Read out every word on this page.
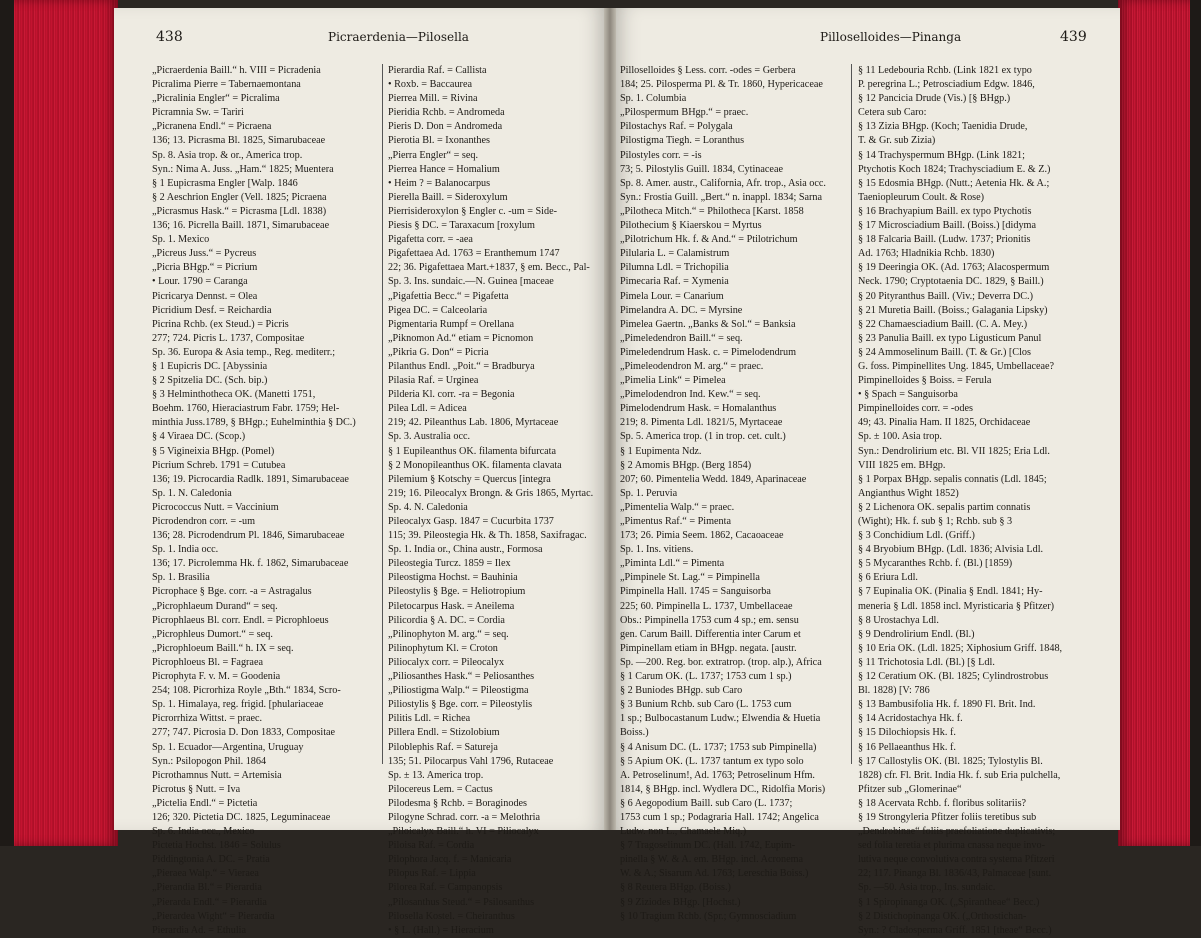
438	Picraerdenia—Pilosella	Pilloselloides—Pinanga	439
„Picraerdenia Baill.“ h. VIII = Picradenia
Picralima Pierre = Tabernaemontana
„Picralinia Engler“ = Picralima
Picramnia Sw. = Tariri
„Picranena Endl.“ = Picraena
136; 13. Picrasma Bl. 1825, Simarubaceae
Sp. 8. Asia trop. & or., America trop.
Syn.: Nima A. Juss. „Ham.“ 1825; Muentera
§ 1 Eupicrasma Engler [Walp. 1846
§ 2 Aeschrion Engler (Vell. 1825; Picraena
„Picrasmus Hask.“ = Picrasma [Ldl. 1838)
136; 16. Picrella Baill. 1871, Simarubaceae
Sp. 1. Mexico
„Picreus Juss.“ = Pycreus
„Picria BHgp.“ = Picrium
• Lour. 1790 = Caranga
Picricarya Dennst. = Olea
Picridium Desf. = Reichardia
Picrina Rchb. (ex Steud.) = Picris
277; 724. Picris L. 1737, Compositae
Sp. 36. Europa & Asia temp., Reg. mediterr.;
§ 1 Eupicris DC. [Abyssinia
§ 2 Spitzelia DC. (Sch. bip.)
§ 3 Helminthotheca OK. (Manetti 1751,
Boehm. 1760, Hieraciastrum Fabr. 1759; Hel-
minthia Juss.1789, § BHgp.; Euhelminthia § DC.)
§ 4 Viraea DC. (Scop.)
§ 5 Vigineixia BHgp. (Pomel)
Picrium Schreb. 1791 = Cutubea
136; 19. Picrocardia Radlk. 1891, Simarubaceae
Sp. 1. N. Caledonia
Picrococcus Nutt. = Vaccinium
Picrodendron corr. = -um
136; 28. Picrodendrum Pl. 1846, Simarubaceae
Sp. 1. India occ.
136; 17. Picrolemma Hk. f. 1862, Simarubaceae
Sp. 1. Brasilia
Picrophace § Bge. corr. -a = Astragalus
„Picrophlaeum Durand“ = seq.
Picrophlaeus Bl. corr. Endl. = Picrophloeus
„Picrophleus Dumort.“ = seq.
„Picrophloeum Baill.“ h. IX = seq.
Picrophloeus Bl. = Fagraea
Picrophyta F. v. M. = Goodenia
254; 108. Picrorhiza Royle „Bth.“ 1834, Scro-
Sp. 1. Himalaya, reg. frigid. [phulariaceae
Picrorrhiza Wittst. = praec.
277; 747. Picrosia D. Don 1833, Compositae
Sp. 1. Ecuador—Argentina, Uruguay
Syn.: Psilopogon Phil. 1864
Picrothamnus Nutt. = Artemisia
Picrotus § Nutt. = Iva
„Pictelia Endl.“ = Pictetia
126; 320. Pictetia DC. 1825, Leguminaceae
Sp. 6. India occ., Mexico
Pictetia Hochst. 1846 = Solulus
Piddingtonia A. DC. = Pratia
„Pieraea Walp.“ = Vieraea
„Pierandia Bl.“ = Pierardia
„Pierarda Endl.“ = Pierardia
„Pierardea Wight“ = Pierardia
Pierardia Ad. = Ethulia
Pierardia Raf. = Callista
• Roxb. = Baccaurea
Pierrea Mill. = Rivina
Pieridia Rchb. = Andromeda
Pieris D. Don = Andromeda
Pierotia Bl. = Ixonanthes
„Pierra Engler“ = seq.
Pierrea Hance = Homalium
• Heim ? = Balanocarpus
Pierella Baill. = Sideroxylum
Pierrisideroxylon § Engler c. -um = Side-
Piesis § DC. = Taraxacum [roxylum
Pigafetta corr. = -aea
Pigafettaea Ad. 1763 = Eranthemum 1747
22; 36. Pigafettaea Mart.+1837, § em. Becc., Pal-
Sp. 3. Ins. sundaic.—N. Guinea [maceae
„Pigafettia Becc.“ = Pigafetta
Pigea DC. = Calceolaria
Pigmentaria Rumpf = Orellana
„Piknomon Ad.“ etiam = Picnomon
„Pikria G. Don“ = Picria
Pilanthus Endl. „Poit.“ = Bradburya
Pilasia Raf. = Urginea
Pilderia Kl. corr. -ra = Begonia
Pilea Ldl. = Adicea
219; 42. Pileanthus Lab. 1806, Myrtaceae
Sp. 3. Australia occ.
§ 1 Eupileanthus OK. filamenta bifurcata
§ 2 Monopileanthus OK. filamenta clavata
Pilemium § Kotschy = Quercus [integra
219; 16. Pileocalyx Brongn. & Gris 1865, Myrtac.
Sp. 4. N. Caledonia
Pileocalyx Gasp. 1847 = Cucurbita 1737
115; 39. Pileostegia Hk. & Th. 1858, Saxifragac.
Sp. 1. India or., China austr., Formosa
Pileostegia Turcz. 1859 = Ilex
Pileostigma Hochst. = Bauhinia
Pileostylis § Bge. = Heliotropium
Piletocarpus Hask. = Aneilema
Pilicordia § A. DC. = Cordia
„Pilinophyton M. arg.“ = seq.
Pilinophytum Kl. = Croton
Piliocalyx corr. = Pileocalyx
„Piliosanthes Hask.“ = Peliosanthes
„Piliostigma Walp.“ = Pileostigma
Piliostylis § Bge. corr. = Pileostylis
Pilitis Ldl. = Richea
Pillera Endl. = Stizolobium
Piloblephis Raf. = Satureja
135; 51. Pilocarpus Vahl 1796, Rutaceae
Sp. ± 13. America trop.
Pilocereus Lem. = Cactus
Pilodesma § Rchb. = Boraginodes
Pilogyne Schrad. corr. -a = Melothria
„Piloicalyx Baill.“ h. VI = Piliocalyx
Piloisa Raf. = Cordia
Pilophora Jacq. f. = Manicaria
Pilopus Raf. = Lippia
Pilorea Raf. = Campanopsis
„Pilosanthus Steud.“ = Psilosanthus
Pilosella Kostel. = Cheiranthus
• § L. (Hall.) = Hieracium
Pilloselloides § Less. corr. -odes = Gerbera
184; 25. Pilosperma Pl. & Tr. 1860, Hypericaceae
Sp. 1. Columbia
„Pilospermum BHgp.“ = praec.
Pilostachys Raf. = Polygala
Pilostigma Tiegh. = Loranthus
Pilostyles corr. = -is
73; 5. Pilostylis Guill. 1834, Cytinaceae
Sp. 8. Amer. austr., California, Afr. trop., Asia occ.
Syn.: Frostia Guill. „Bert.“ n. inappl. 1834; Sarna
„Pilotheca Mitch.“ = Philotheca [Karst. 1858
Pilothecium § Kiaerskou = Myrtus
„Pilotrichum Hk. f. & And.“ = Ptilotrichum
Pilularia L. = Calamistrum
Pilumna Ldl. = Trichopilia
Pimecaria Raf. = Xymenia
Pimela Lour. = Canarium
Pimelandra A. DC. = Myrsine
Pimelea Gaertn. „Banks & Sol.“ = Banksia
„Pimeledendron Baill.“ = seq.
Pimeledendrum Hask. c. = Pimelodendrum
„Pimeleodendron M. arg.“ = praec.
„Pimelia Link“ = Pimelea
„Pimelodendron Ind. Kew.“ = seq.
Pimelodendrum Hask. = Homalanthus
219; 8. Pimenta Ldl. 1821/5, Myrtaceae
Sp. 5. America trop. (1 in trop. cet. cult.)
§ 1 Eupimenta Ndz.
§ 2 Amomis BHgp. (Berg 1854)
207; 60. Pimentelia Wedd. 1849, Aparinaceae
Sp. 1. Peruvia
„Pimentelia Walp.“ = praec.
„Pimentus Raf.“ = Pimenta
173; 26. Pimia Seem. 1862, Cacaoaceae
Sp. 1. Ins. vitiens.
„Piminta Ldl.“ = Pimenta
„Pimpinele St. Lag.“ = Pimpinella
Pimpinella Hall. 1745 = Sanguisorba
225; 60. Pimpinella L. 1737, Umbellaceae
Obs.: Pimpinella 1753 cum 4 sp.; em. sensu
gen. Carum Baill. Differentia inter Carum et
Pimpinellam etiam in BHgp. negata. [austr.
Sp. —200. Reg. bor. extratrop. (trop. alp.), Africa
§ 1 Carum OK. (L. 1737; 1753 cum 1 sp.)
§ 2 Buniodes BHgp. sub Caro
§ 3 Bunium Rchb. sub Caro (L. 1753 cum
1 sp.; Bulbocastanum Ludw.; Elwendia & Huetia
Boiss.)
§ 4 Anisum DC. (L. 1737; 1753 sub Pimpinella)
§ 5 Apium OK. (L. 1737 tantum ex typo solo
A. Petroselinum!, Ad. 1763; Petroselinum Hfm.
1814, § BHgp. incl. Wydlera DC., Ridolfia Moris)
§ 6 Aegopodium Baill. sub Caro (L. 1737;
1753 cum 1 sp.; Podagraria Hall. 1742; Angelica
Ludw. non L., Chamaele Miq.)
§ 7 Tragoselinum DC. (Hall. 1742, Eupim-
pinella § W. & A. em. BHgp. incl. Acronema
W. & A.; Sisarum Ad. 1763; Lereschia Boiss.)
§ 8 Reutera BHgp. (Boiss.)
§ 9 Ziziodes BHgp. [Hochst.)
§ 10 Tragium Rchb. (Spr.; Gymnosciadium
§ 11 Ledebouria Rchb. (Link 1821 ex typo
P. peregrina L.; Petrosciadium Edgw. 1846,
§ 12 Pancicia Drude (Vis.) [§ BHgp.)
Cetera sub Caro:
§ 13 Zizia BHgp. (Koch; Taenidia Drude,
T. & Gr. sub Zizia)
§ 14 Trachyspermum BHgp. (Link 1821;
Ptychotis Koch 1824; Trachysciadium E. & Z.)
§ 15 Edosmia BHgp. (Nutt.; Aetenia Hk. & A.;
Taeniopleurum Coult. & Rose)
§ 16 Brachyapium Baill. ex typo Ptychotis
§ 17 Microsciadium Baill. (Boiss.) [didyma
§ 18 Falcaria Baill. (Ludw. 1737; Prionitis
Ad. 1763; Hladnikia Rchb. 1830)
§ 19 Deeringia OK. (Ad. 1763; Alacospermum
Neck. 1790; Cryptotaenia DC. 1829, § Baill.)
§ 20 Pityranthus Baill. (Viv.; Deverra DC.)
§ 21 Muretia Baill. (Boiss.; Galagania Lipsky)
§ 22 Chamaesciadium Baill. (C. A. Mey.)
§ 23 Panulia Baill. ex typo Ligusticum Panul
§ 24 Ammoselinum Baill. (T. & Gr.) [Clos
G. foss. Pimpinellites Ung. 1845, Umbellaceae?
Pimpinelloides § Boiss. = Ferula
• § Spach = Sanguisorba
Pimpinelloides corr. = -odes
49; 43. Pinalia Ham. II 1825, Orchidaceae
Sp. ± 100. Asia trop.
Syn.: Dendrolirium etc. Bl. VII 1825; Eria Ldl.
VIII 1825 em. BHgp.
§ 1 Porpax BHgp. sepalis connatis (Ldl. 1845;
Angianthus Wight 1852)
§ 2 Lichenora OK. sepalis partim connatis
(Wight); Hk. f. sub § 1; Rchb. sub § 3
§ 3 Conchidium Ldl. (Griff.)
§ 4 Bryobium BHgp. (Ldl. 1836; Alvisia Ldl.
§ 5 Mycaranthes Rchb. f. (Bl.) [1859)
§ 6 Eriura Ldl.
§ 7 Eupinalia OK. (Pinalia § Endl. 1841; Hy-
meneria § Ldl. 1858 incl. Myristicaria § Pfitzer)
§ 8 Urostachya Ldl.
§ 9 Dendrolirium Endl. (Bl.)
§ 10 Eria OK. (Ldl. 1825; Xiphosium Griff. 1848,
§ 11 Trichotosia Ldl. (Bl.) [§ Ldl.
§ 12 Ceratium OK. (Bl. 1825; Cylindrostrobus
Bl. 1828) [V: 786
§ 13 Bambusifolia Hk. f. 1890 Fl. Brit. Ind.
§ 14 Acridostachya Hk. f.
§ 15 Dilochiopsis Hk. f.
§ 16 Pellaeanthus Hk. f.
§ 17 Callostylis OK. (Bl. 1825; Tylostylis Bl.
1828) cfr. Fl. Brit. India Hk. f. sub Eria pulchella,
Pfitzer sub „Glomerinae“
§ 18 Acervata Rchb. f. floribus solitariis?
§ 19 Strongyleria Pfitzer foliis teretibus sub
„Dendrobinae“ foliis praefoliatione duplicativis;
sed folia teretia et plurima cnassa neque invo-
lutiva neque convolutiva contra systema Pfitzeri
22; 117. Pinanga Bl. 1836/43, Palmaceae [sunt.
Sp. —50. Asia trop., Ins. sundaic.
§ 1 Spiropinanga OK. („Spirantheae“ Becc.)
§ 2 Distichopinanga OK. („Orthostichan-
Syn.: ? Cladosperma Griff. 1851 [theae“ Becc.)
